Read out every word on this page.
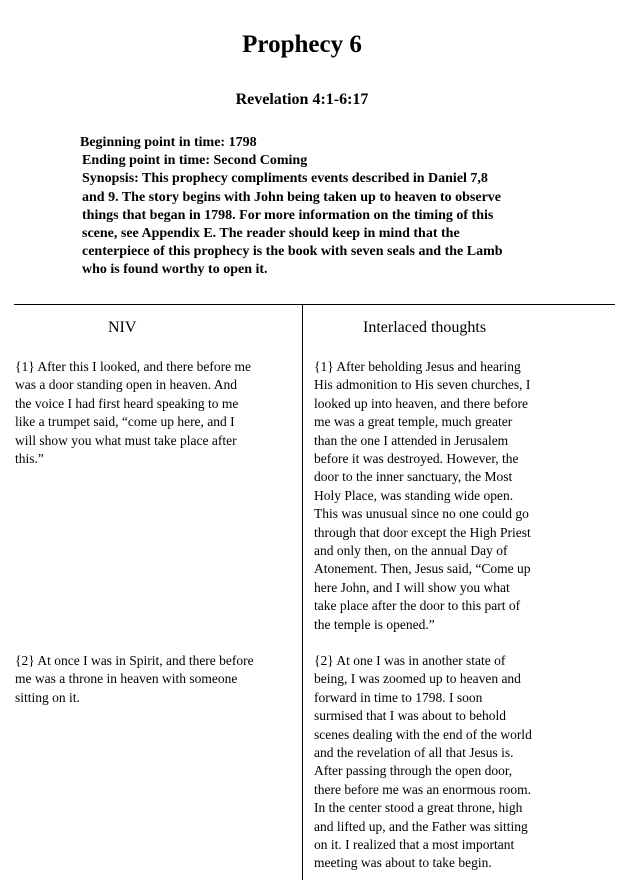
Prophecy 6
Revelation 4:1-6:17
Beginning point in time: 1798
Ending point in time: Second Coming
Synopsis: This prophecy compliments events described in Daniel 7,8
and 9. The story begins with John being taken up to heaven to observe
things that began in 1798. For more information on the timing of this
scene, see Appendix E. The reader should keep in mind that the
centerpiece of this prophecy is the book with seven seals and the Lamb
who is found worthy to open it.
NIV	Interlaced thoughts
{1} After this I looked, and there before me
was a door standing open in heaven. And
the voice I had first heard speaking to me
like a trumpet said, “come up here, and I
will show you what must take place after
this.”
{1} After beholding Jesus and hearing
His admonition to His seven churches, I
looked up into heaven, and there before
me was a great temple, much greater
than the one I attended in Jerusalem
before it was destroyed. However, the
door to the inner sanctuary, the Most
Holy Place, was standing wide open.
This was unusual since no one could go
through that door except the High Priest
and only then, on the annual Day of
Atonement. Then, Jesus said, “Come up
here John, and I will show you what
take place after the door to this part of
the temple is opened.”
{2} At once I was in Spirit, and there before
me was a throne in heaven with someone
sitting on it.
{2} At one I was in another state of
being, I was zoomed up to heaven and
forward in time to 1798. I soon
surmised that I was about to behold
scenes dealing with the end of the world
and the revelation of all that Jesus is.
After passing through the open door,
there before me was an enormous room.
In the center stood a great throne, high
and lifted up, and the Father was sitting
on it. I realized that a most important
meeting was about to take begin.
